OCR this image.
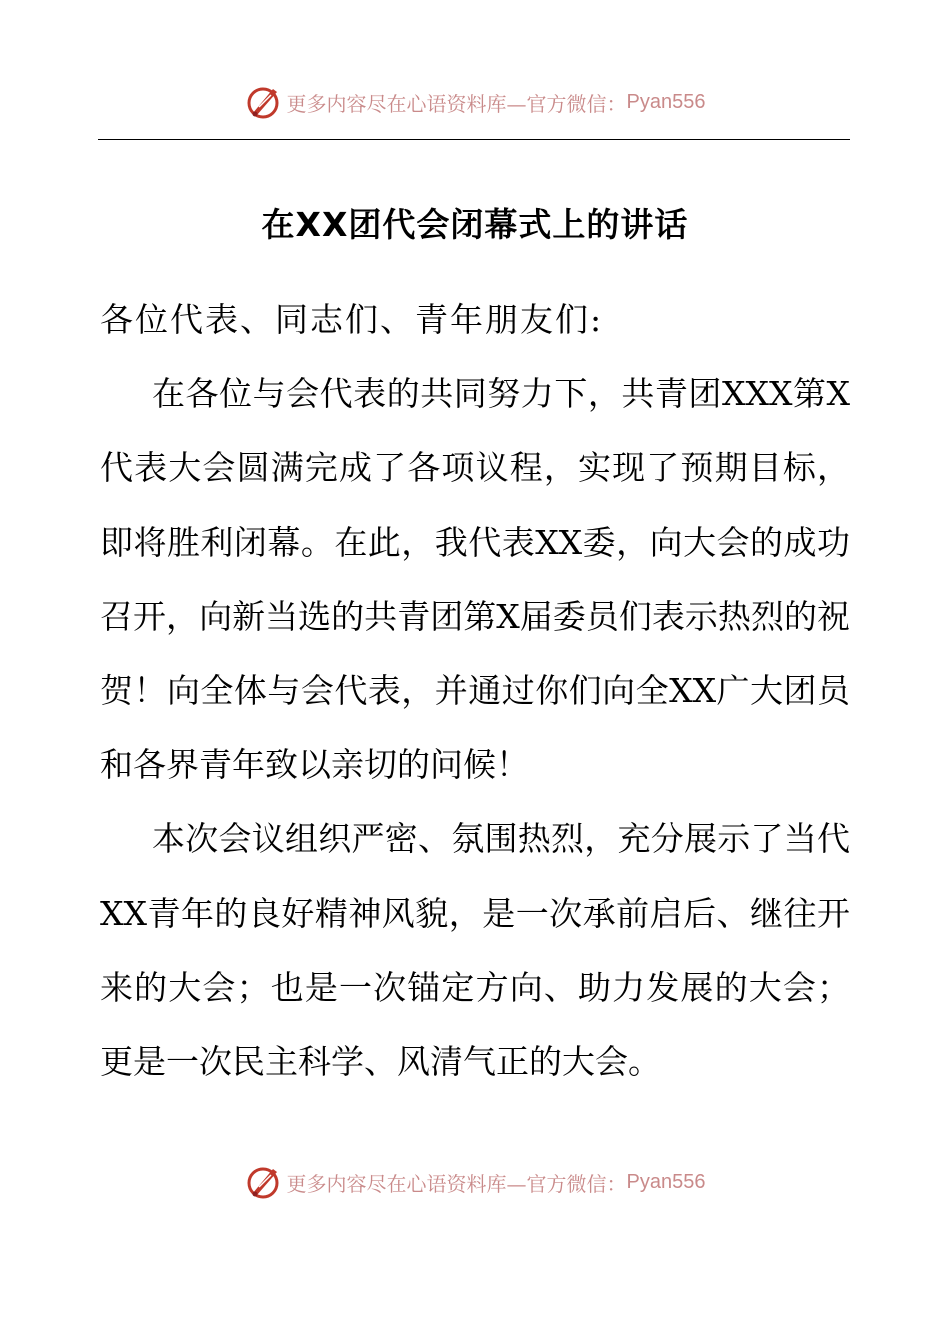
更多内容尽在心语资料库—官方微信： Pyan556
在XX团代会闭幕式上的讲话

各位代表、同志们、青年朋友们:

在各位与会代表的共同努力下，共青团XXX第X代表大会圆满完成了各项议程，实现了预期目标，即将胜利闭幕。在此，我代表XX委，向大会的成功召开，向新当选的共青团第X届委员们表示热烈的祝贺！向全体与会代表，并通过你们向全XX广大团员和各界青年致以亲切的问候！

本次会议组织严密、氛围热烈，充分展示了当代XX青年的良好精神风貌，是一次承前启后、继往开来的大会；也是一次锚定方向、助力发展的大会；更是一次民主科学、风清气正的大会。

更多内容尽在心语资料库—官方微信： Pyan556
